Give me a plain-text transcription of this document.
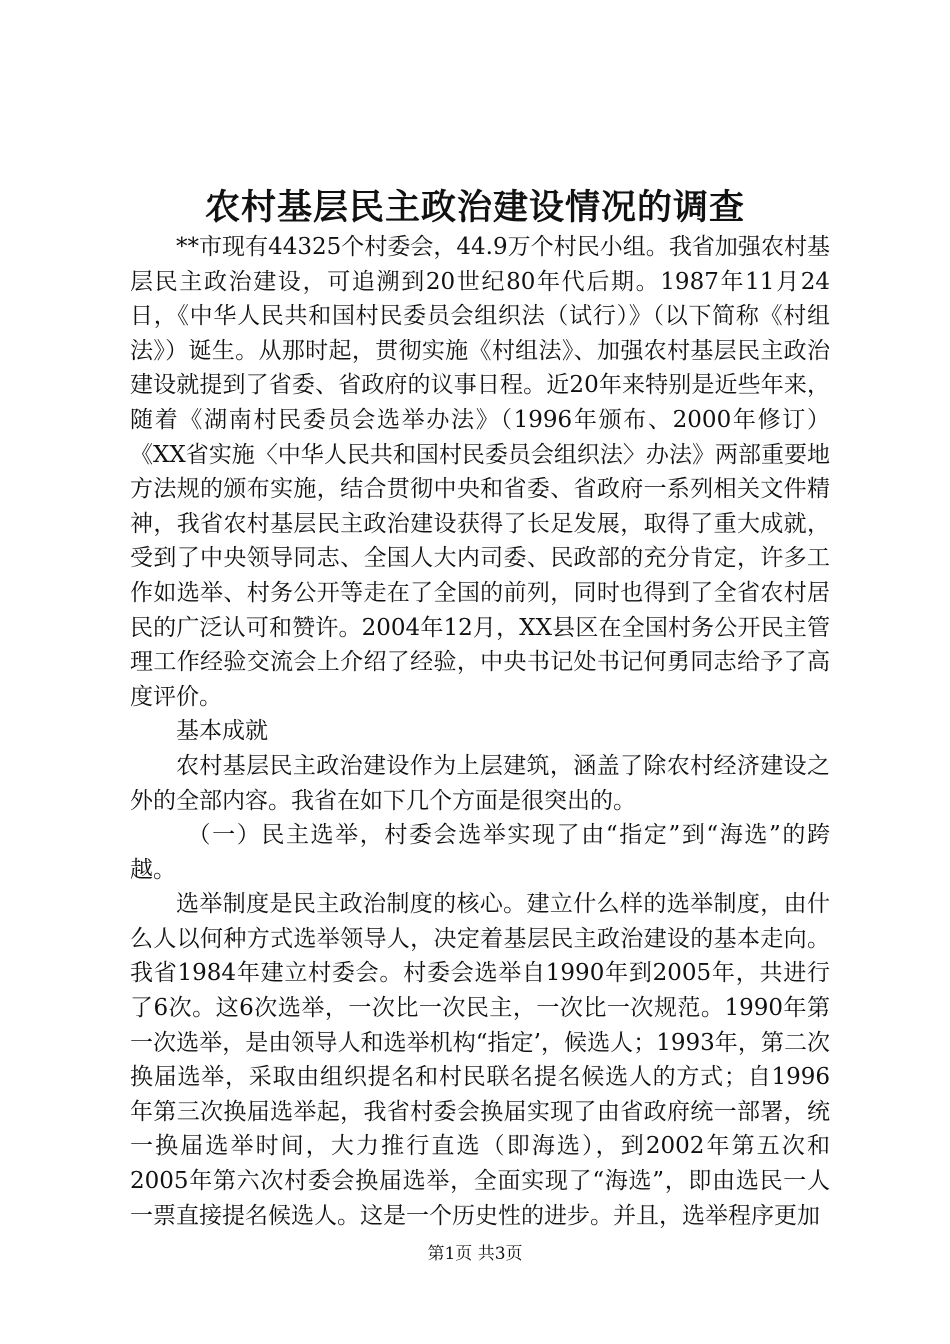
农村基层民主政治建设情况的调查

**市现有44325个村委会，44.9万个村民小组。我省加强农村基层民主政治建设，可追溯到20世纪80年代后期。1987年11月24日，《中华人民共和国村民委员会组织法（试行）》（以下简称《村组法》）诞生。从那时起，贯彻实施《村组法》、加强农村基层民主政治建设就提到了省委、省政府的议事日程。近20年来特别是近些年来，随着《湖南村民委员会选举办法》（1996年颁布、2000年修订）《XX省实施〈中华人民共和国村民委员会组织法〉办法》两部重要地方法规的颁布实施，结合贯彻中央和省委、省政府一系列相关文件精神，我省农村基层民主政治建设获得了长足发展，取得了重大成就，受到了中央领导同志、全国人大内司委、民政部的充分肯定，许多工作如选举、村务公开等走在了全国的前列，同时也得到了全省农村居民的广泛认可和赞许。2004年12月，XX县区在全国村务公开民主管理工作经验交流会上介绍了经验，中央书记处书记何勇同志给予了高度评价。

基本成就

农村基层民主政治建设作为上层建筑，涵盖了除农村经济建设之外的全部内容。我省在如下几个方面是很突出的。

（一）民主选举，村委会选举实现了由“指定”到“海选”的跨越。

选举制度是民主政治制度的核心。建立什么样的选举制度，由什么人以何种方式选举领导人，决定着基层民主政治建设的基本走向。我省1984年建立村委会。村委会选举自1990年到2005年，共进行了6次。这6次选举，一次比一次民主，一次比一次规范。1990年第一次选举，是由领导人和选举机构“指定’，候选人；1993年，第二次换届选举，采取由组织提名和村民联名提名候选人的方式；自1996年第三次换届选举起，我省村委会换届实现了由省政府统一部署，统一换届选举时间，大力推行直选（即海选），到2002年第五次和2005年第六次村委会换届选举，全面实现了“海选”，即由选民一人一票直接提名候选人。这是一个历史性的进步。并且，选举程序更加

第1页 共3页
